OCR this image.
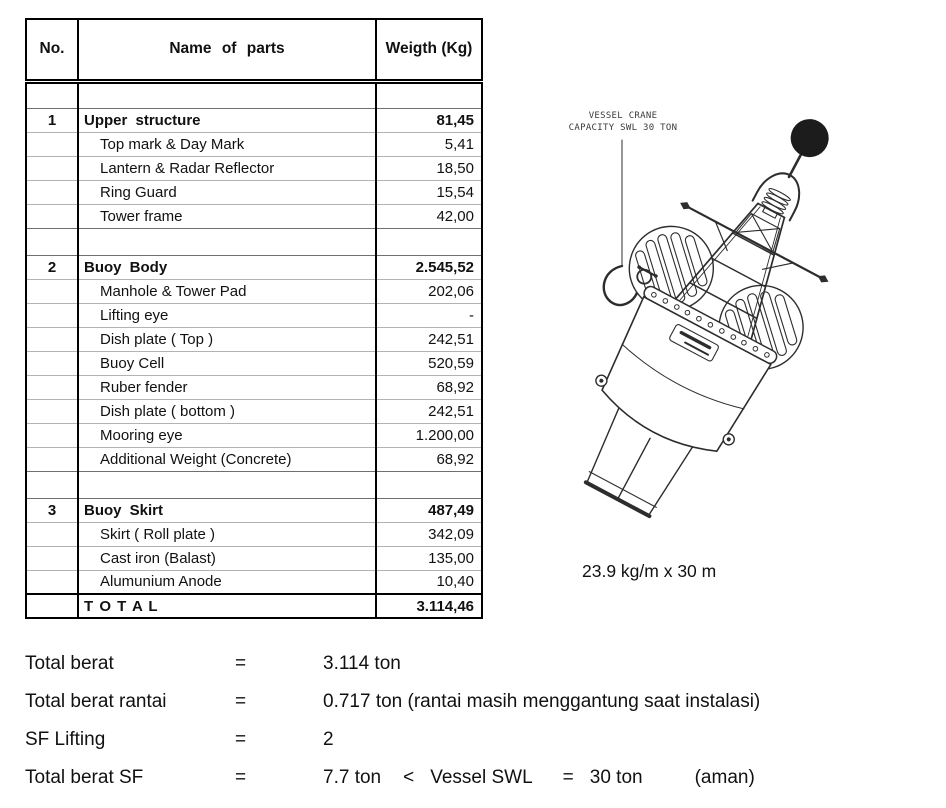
No.	Name of parts	Weigth (Kg)

1	Upper structure	81,45
	Top mark & Day Mark	5,41
	Lantern & Radar Reflector	18,50
	Ring Guard	15,54
	Tower frame	42,00

2	Buoy Body	2.545,52
	Manhole & Tower Pad	202,06
	Lifting eye	-
	Dish plate ( Top )	242,51
	Buoy Cell	520,59
	Ruber fender	68,92
	Dish plate ( bottom )	242,51
	Mooring eye	1.200,00
	Additional Weight (Concrete)	68,92

3	Buoy Skirt	487,49
	Skirt ( Roll plate )	342,09
	Cast iron (Balast)	135,00
	Alumunium Anode	10,40
	T O T A L	3.114,46
VESSEL CRANE
CAPACITY SWL 30 TON
23.9 kg/m x 30 m
Total berat	=	3.114 ton
Total berat rantai	=	0.717 ton (rantai masih menggantung saat instalasi)
SF Lifting	=	2
Total berat SF	=	7.7 ton < Vessel SWL = 30 ton	(aman)
